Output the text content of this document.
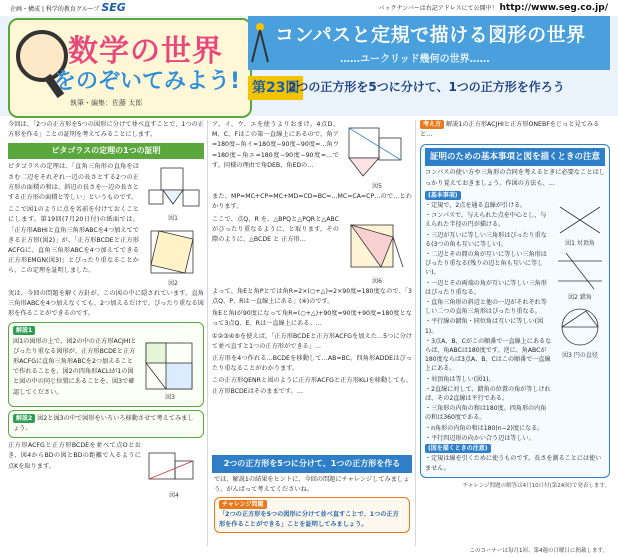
企画・構成 | 科学的教育グループ SEG	バックナンバーは右記アドレスにて公開中！ http://www.seg.co.jp/
数学の世界
をのぞいてみよう!
執筆・編集：佐藤 太郎
コンパスと定規で描ける図形の世界
……ユークリッド幾何の世界……
第23回
2つの正方形を5つに分けて、1つの正方形を作ろう

今回は、「2つの正方形を5つの図形に分けて並べ直すことで、1つの正方形を作る」ことの証明を考えてみることにします。

ピタゴラスの定理の1つの証明

ピタゴラスの定理は、「直角三角形の直角をはさむ二辺をそれぞれ一辺の長さとする2つの正方形の面積の和は、斜辺の長さを一辺の長さとする正方形の面積と等しい」というものです。

ここで図1のように点を名前を付けておくことにします。第19回(7月20日付)の紙面では、「正方形ABHIと直角三角形ABCを4つ加えてできる正方形(図2)」が、「正方形BCDEと正方形ACFGに、直角三角形ABCを4つ加えてできる正方形EMGN(図3)」とぴったり重なることから、この定理を証明しました。

図1
図2

実は、今回の問題を解く方針が、この図の中に隠されています。直角三角形ABCを4つ加えなくても、2つ加えるだけで、ぴったり重なる図形を作ることができるのです。

解説1
図1の図形の上で、図2の中の正方形ACJHIとぴったり重なる図形が、正方形BCDEと正方形ACFGに直角三角形ABCを2つ加えることで作れることを、図2の四角形ACLIが1の図と図の中の同じ位置にあることを、図3で確認してください。
図3
解説2 図2と図3の中で図形をいろいろ移動させて考えてみましょう。

正方形ACFGと正方形BCDEを並べて点Oとおき、図4からBDの図とBDの距離で入るように点Kを取ります。

図4

ア、イ、ウ、エを使うよりおまけ。4点D、M、C、Fはこの第一直線上にあるので、角ア=180度−角イ=180度−90度−90度=…角ウ=180度−角エ=180度−90度−90度=…です。同様の理由で角DEB、角EDの…

図5

また、MP=MC+CP=MC+MD=CD=BC=…MC=CA=CP…ので…とわかります。

ここで、点Q、R を、△BPQと△PQRと△ABCがぴったり重なるように、と取ります。その際のように、△BCDE と 正方形…

図6

よって、角Eと角Pとでは角R=2×(○+△)=2×90度=180度なので、「3点Q、P、Rは一直線上にある」(※)のです。

角Eと角Iが90度になって角R=(○+△)+90度=90度+90度=180度となって3点Q、E、Rは一直線上にある。…

①②③④⑤を使えば、「正方形BCDEと正方形ACFGを加えた…5つに分けて並べ直すと1つの正方形ができる」…

正方形を4つ作れる…BCDEを移動して…AB=BC、四角形ADDEはぴったり重なることがわかります。

この正方形QENRと図のように正方形ACFGと正方形KLIを移動しても、正方形BCDEはそのままです。…

2つの正方形を5つに分けて、1つの正方形を作る
では、解説1の結果をヒントに、今回の問題にチャレンジしてみましょう。がんばって考えてくださいね。
チャレンジ問題
「2つの正方形を5つの図形に分けて並べ直すことで、1つの正方形を作ることができる」ことを証明してみましょう。
考え方 解説1の正方形ACJHIと正方形ONEBFをじっと見てみると…
証明のための基本事項と図を描くときの注意

コンパスの使い方や三角形の合同を考えるときに必要なことはしっかり覚えておきましょう。作図の方法も、…

(基本事項)
・定規で、2点を通る直線が引ける。
・コンパスで、与えられた点を中心とし、与えられた半径の円が描ける。
・三辺が互いに等しい三角形はぴったり重なる(3つの角も互いに等しい)。
・二辺とその間の角が互いに等しい三角形はぴったり重なる(残りの辺と角も互いに等しい)。
・一辺とその両端の角が互いに等しい三角形はぴったり重なる。
・直角三角形の斜辺と他の一辺がそれぞれ等しい二つの直角三角形はぴったり重なる。
・平行線の錯角・同位角は互いに等しい(図1)。
・3点A、B、Cがこの順番で一直線上にあるならば、角ABCは180度です。逆に、角ABCが180度ならば3点A、B、Cはこの順番で一直線上にある。
・対頂角は等しい(図1)。
・2直線に対して、錯角の位置の角が等しければ、その2直線は平行である。
・三角形の内角の和は180度。四角形の内角の和は360度である。
・n角形の内角の和は180(n−2)度になる。
・平行四辺形の向かい合う辺は等しい。
図1 対頂角
図2 錯角
図3 円の直径
(図を描くときの注意)
・定規は線を引くために使うものです。長さを測ることには使いません。
チャレンジ問題の解答は4月10日付(第24回)で発表します。
このコーナーは毎月1回、第4週の日曜日に掲載します。
